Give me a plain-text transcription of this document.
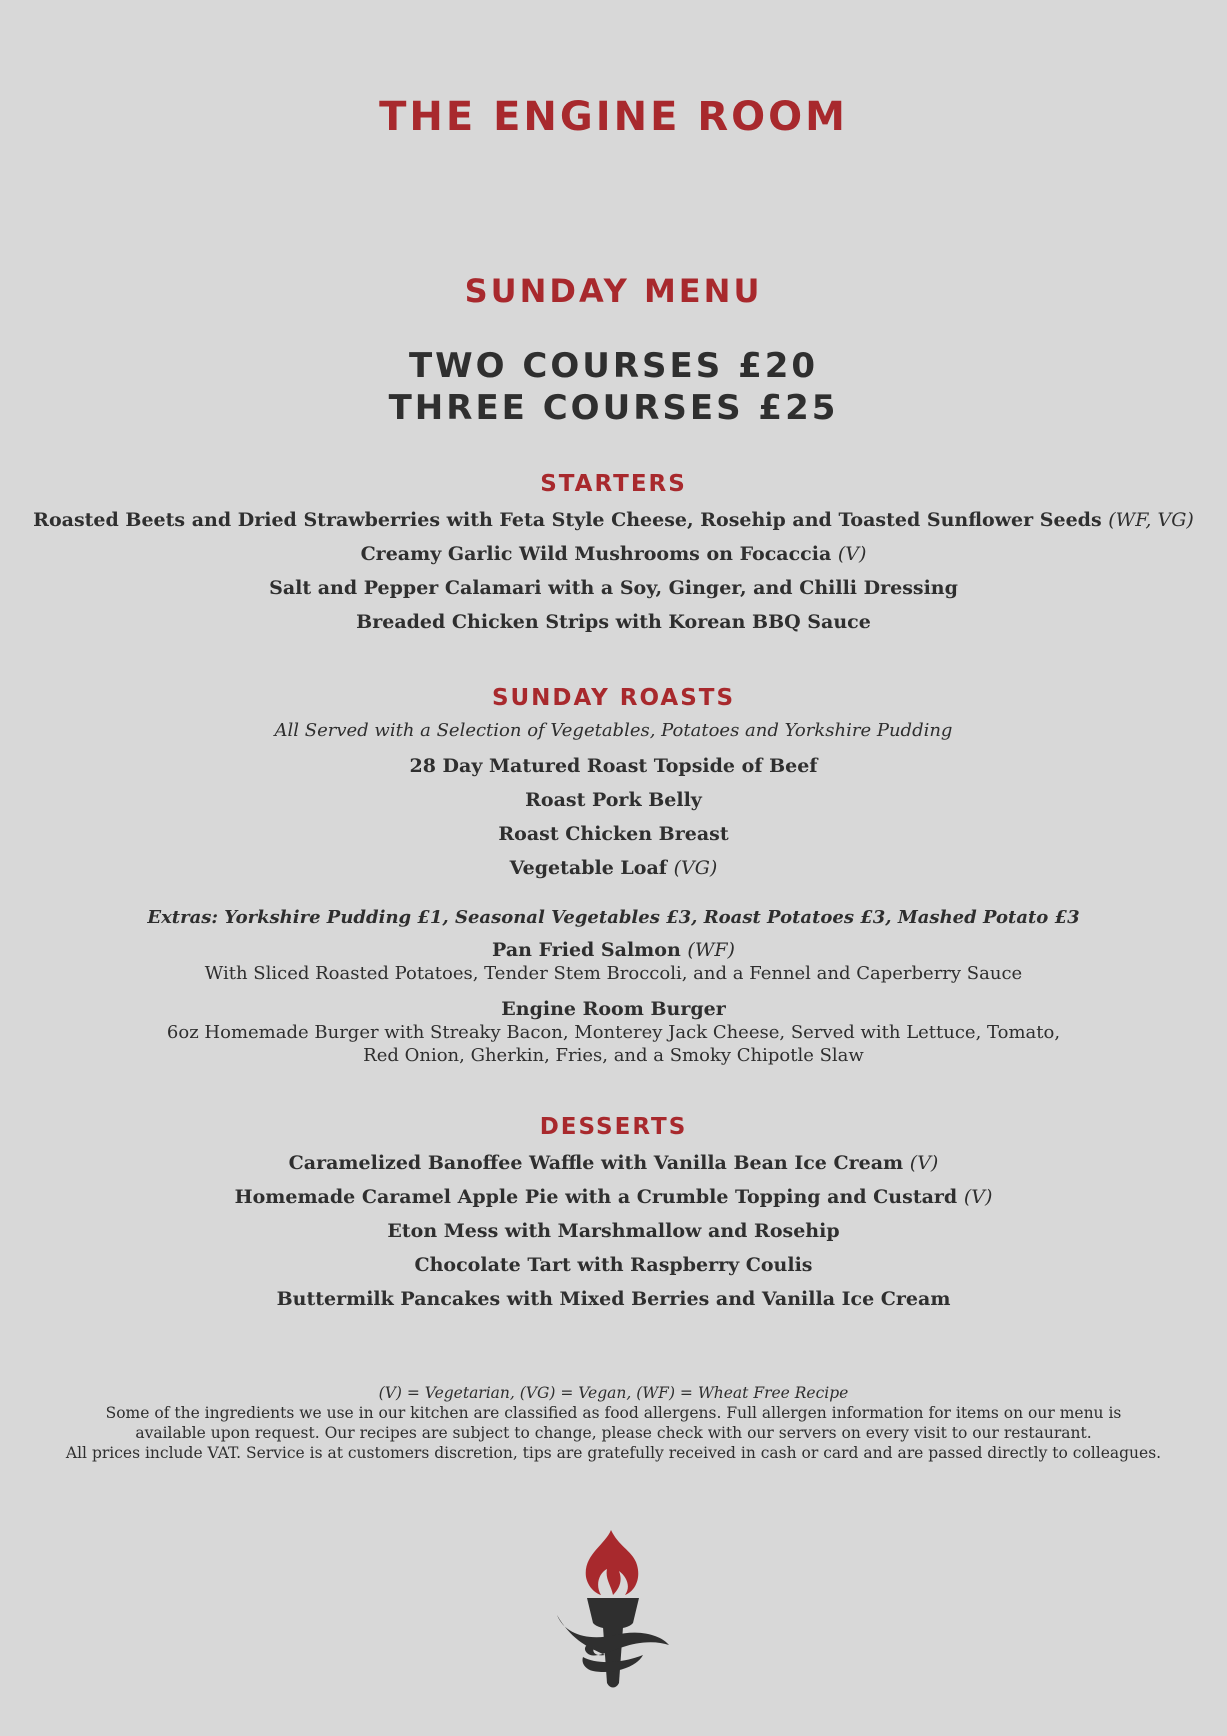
THE ENGINE ROOM
SUNDAY MENU
TWO COURSES £20
THREE COURSES £25
STARTERS
Roasted Beets and Dried Strawberries with Feta Style Cheese, Rosehip and Toasted Sunflower Seeds (WF, VG)
Creamy Garlic Wild Mushrooms on Focaccia (V)
Salt and Pepper Calamari with a Soy, Ginger, and Chilli Dressing
Breaded Chicken Strips with Korean BBQ Sauce
SUNDAY ROASTS
All Served with a Selection of Vegetables, Potatoes and Yorkshire Pudding
28 Day Matured Roast Topside of Beef
Roast Pork Belly
Roast Chicken Breast
Vegetable Loaf (VG)
Extras: Yorkshire Pudding £1, Seasonal Vegetables £3, Roast Potatoes £3, Mashed Potato £3
Pan Fried Salmon (WF)
With Sliced Roasted Potatoes, Tender Stem Broccoli, and a Fennel and Caperberry Sauce
Engine Room Burger
6oz Homemade Burger with Streaky Bacon, Monterey Jack Cheese, Served with Lettuce, Tomato, Red Onion, Gherkin, Fries, and a Smoky Chipotle Slaw
DESSERTS
Caramelized Banoffee Waffle with Vanilla Bean Ice Cream (V)
Homemade Caramel Apple Pie with a Crumble Topping and Custard (V)
Eton Mess with Marshmallow and Rosehip
Chocolate Tart with Raspberry Coulis
Buttermilk Pancakes with Mixed Berries and Vanilla Ice Cream
(V) = Vegetarian, (VG) = Vegan, (WF) = Wheat Free Recipe
Some of the ingredients we use in our kitchen are classified as food allergens. Full allergen information for items on our menu is available upon request. Our recipes are subject to change, please check with our servers on every visit to our restaurant.
All prices include VAT. Service is at customers discretion, tips are gratefully received in cash or card and are passed directly to colleagues.
